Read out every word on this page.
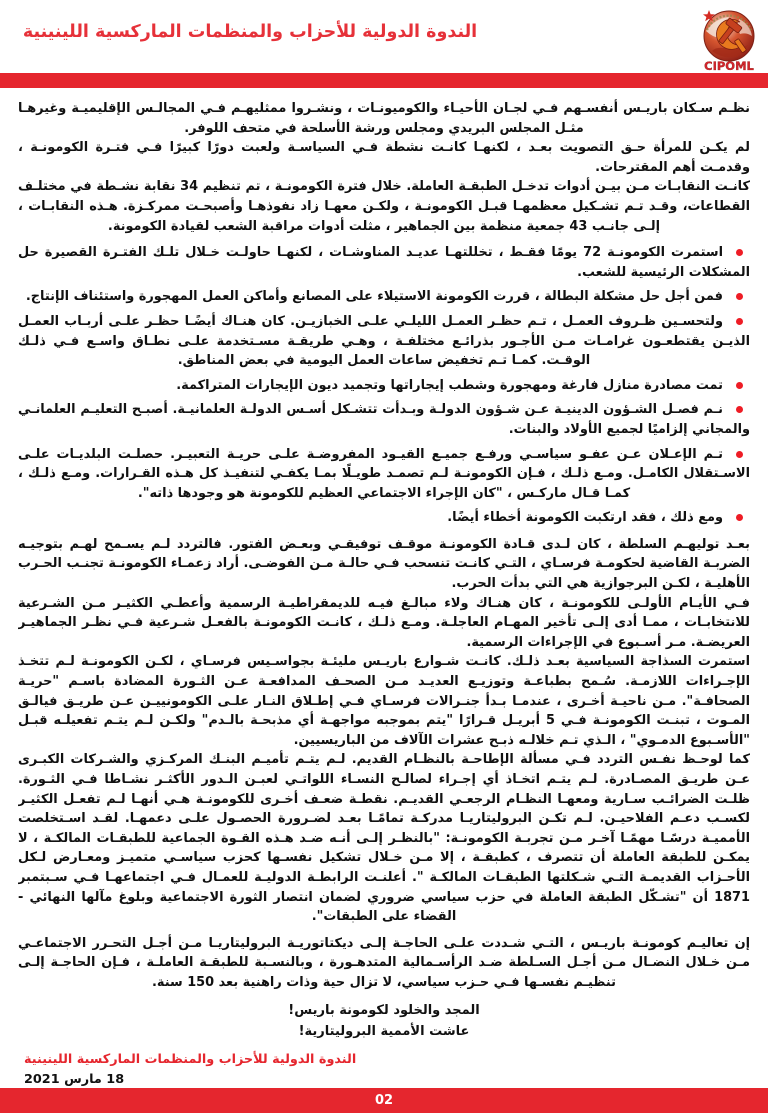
الندوة الدولية للأحزاب والمنظمات الماركسية اللينينية
CIPOML

نظـم سـكان باريـس أنفسـهم فـي لجـان الأحيـاء والكوميونـات ، ونشـروا ممثليهـم فـي المجالـس الإقليميـة وغيرهـا مثـل المجلس البريدي ومجلس ورشة الأسلحة في متحف اللوفر.

لم يكـن للمرأة حـق التصويت بعـد ، لكنهـا كانـت نشطة فـي السياسـة ولعبت دورًا كبيرًا فـي فتـرة الكومونـة ، وقدمـت أهم المقترحات.

كانـت النقابـات مـن بيـن أدوات تدخـل الطبقـة العاملة. خلال فترة الكومونـة ، تم تنظيم 34 نقابة نشـطة في مختلـف القطاعات، وقـد تـم تشـكيل معظمهـا قبـل الكومونـة ، ولكـن معهـا زاد نفوذهـا وأصبحـت ممركـزة. هـذه النقابـات ، إلـى جانـب 43 جمعية منظمة بين الجماهير ، مثلت أدوات مراقبة الشعب لقيادة الكومونة.

استمرت الكومونـة 72 يومًا فقـط ، تخللتهـا عديـد المناوشـات ، لكنهـا حاولـت خـلال تلـك الفتـرة القصيرة حل المشكلات الرئيسية للشعب.

فمن أجل حل مشكلة البطالة ، قررت الكومونة الاستيلاء على المصانع وأماكن العمل المهجورة واستئناف الإنتاج.

ولتحسـين ظـروف العمـل ، تـم حظـر العمـل الليلـي علـى الخبازيـن. كان هنـاك أيضًـا حظـر علـى أربـاب العمـل الذيـن يقتطعـون غرامـات مـن الأجـور بذرائـع مختلفـة ، وهـي طريقـة مسـتخدمة علـى نطـاق واسـع فـي ذلـك الوقـت. كمـا تـم تخفيض ساعات العمل اليومية في بعض المناطق.

تمت مصادرة منازل فارغة ومهجورة وشطب إيجاراتها وتجميد ديون الإيجارات المتراكمة.

نـم فصـل الشـؤون الدينيـة عـن شـؤون الدولـة وبـدأت تتشـكل أسـس الدولـة العلمانيـة. أصبـح التعليـم العلمانـي والمجاني إلزاميًا لجميع الأولاد والبنات.

تـم الإعـلان عـن عفـو سياسـي ورفـع جميـع القيـود المفروضـة علـى حريـة التعبيـر. حصلـت البلديـات علـى الاسـتقلال الكامـل. ومـع ذلـك ، فـإن الكومونـة لـم تصمـد طويـلًا بمـا يكفـي لتنفيـذ كل هـذه القـرارات. ومـع ذلـك ، كمـا قـال ماركـس ، "كان الإجراء الاجتماعي العظيم للكومونة هو وجودها ذاته".

ومع ذلك ، فقد ارتكبت الكومونة أخطاء أيضًا.

بعـد توليهـم السلطة ، كان لـدى قـادة الكومونـة موقـف توفيقـي وبعـض الفتور. فالتردد لـم يسـمح لهـم بتوجيـه الضربـة القاضية لحكومـة فرسـاي ، التـي كانـت تنسحب فـي حالـة مـن الفوضـى. أراد زعمـاء الكومونـة تجنـب الحـرب الأهليـة ، لكـن البرجوازية هي التي بدأت الحرب.

فـي الأيـام الأولـى للكومونـة ، كان هنـاك ولاء مبالـغ فيـه للديمقراطيـة الرسمية وأعطـي الكثيـر مـن الشـرعية للانتخابـات ، ممـا أدى إلـى تأخير المهـام العاجلـة. ومـع ذلـك ، كانـت الكومونـة بالفعـل شـرعية فـي نظـر الجماهيـر العريضـة. مـر أسـبوع في الإجراءات الرسمية.

استمرت السذاجة السياسية بعـد ذلـك. كانـت شـوارع باريـس مليئـة بجواسـيس فرسـاي ، لكـن الكومونـة لـم تتخـذ الإجـراءات اللازمـة. سُـمح بطباعـة وتوزيـع العديـد مـن الصحـف المدافعـة عـن الثـورة المضادة باسـم "حريـة الصحافـة". مـن ناحيـة أخـرى ، عندمـا بـدأ جنـرالات فرسـاي فـي إطـلاق النـار علـى الكومونييـن عـن طريـق فيالـق المـوت ، تبنـت الكومونـة فـي 5 أبريـل قـرارًا "يتم بموجبه مواجهـة أي مذبحـة بالـدم" ولكـن لـم يتـم تفعيلـه قبـل "الأسـبوع الدمـوي" ، الـذي تـم خلالـه ذبـح عشرات الآلاف من الباريسيين.

كما لوحـظ نفـس التردد فـي مسألة الإطاحـة بالنظـام القديم. لـم يتـم تأميـم البنـك المركـزي والشـركات الكبـرى عـن طريـق المصـادرة. لـم يتـم اتخـاذ أي إجـراء لصالـح النسـاء اللواتـي لعبـن الـدور الأكثـر نشـاطا فـي الثـورة. ظلـت الضرائـب سـارية ومعهـا النظـام الرجعـي القديـم. نقطـة ضعـف أخـرى للكومونـة هـي أنهـا لـم تفعـل الكثيـر لكسـب دعـم الفلاحيـن. لـم تكـن البروليتاريـا مدركـة تمامًـا بعـد لضـرورة الحصـول علـى دعمهـا. لقـد اسـتخلصت الأمميـة درسًـا مهمًـا آخـر مـن تجربـة الكومونـة: "بالنظـر إلـى أنـه ضـد هـذه القـوة الجماعية للطبقـات المالكـة ، لا يمكـن للطبقة العاملة أن تتصرف ، كطبقـة ، إلا مـن خـلال تشكيل نفسـها كحزب سياسـي متميـز ومعـارض لـكل الأحـزاب القديمـة التـي شـكلتها الطبقـات المالكـة ". أعلنـت الرابطـة الدوليـة للعمـال فـي اجتماعهـا فـي سـبتمبر 1871 أن "تشـكّل الطبقة العاملة في حزب سياسي ضروري لضمان انتصار الثورة الاجتماعية وبلوغ مآلها النهائي - القضاء على الطبقات".

إن تعاليـم كومونـة باريـس ، التـي شـددت علـى الحاجـة إلـى ديكتاتوريـة البروليتاريـا مـن أجـل التحـرر الاجتماعـي مـن خـلال النضـال مـن أجـل السـلطة ضـد الرأسـمالية المتدهـورة ، وبالنسـبة للطبقـة العاملـة ، فـإن الحاجـة إلـى تنظيـم نفسـها فـي حـزب سياسي، لا تزال حية وذات راهنية بعد 150 سنة.

المجد والخلود لكومونة باريس!
عاشت الأممية البروليتارية!

الندوة الدولية للأحزاب والمنظمات الماركسية اللينينية

18 مارس 2021

02
